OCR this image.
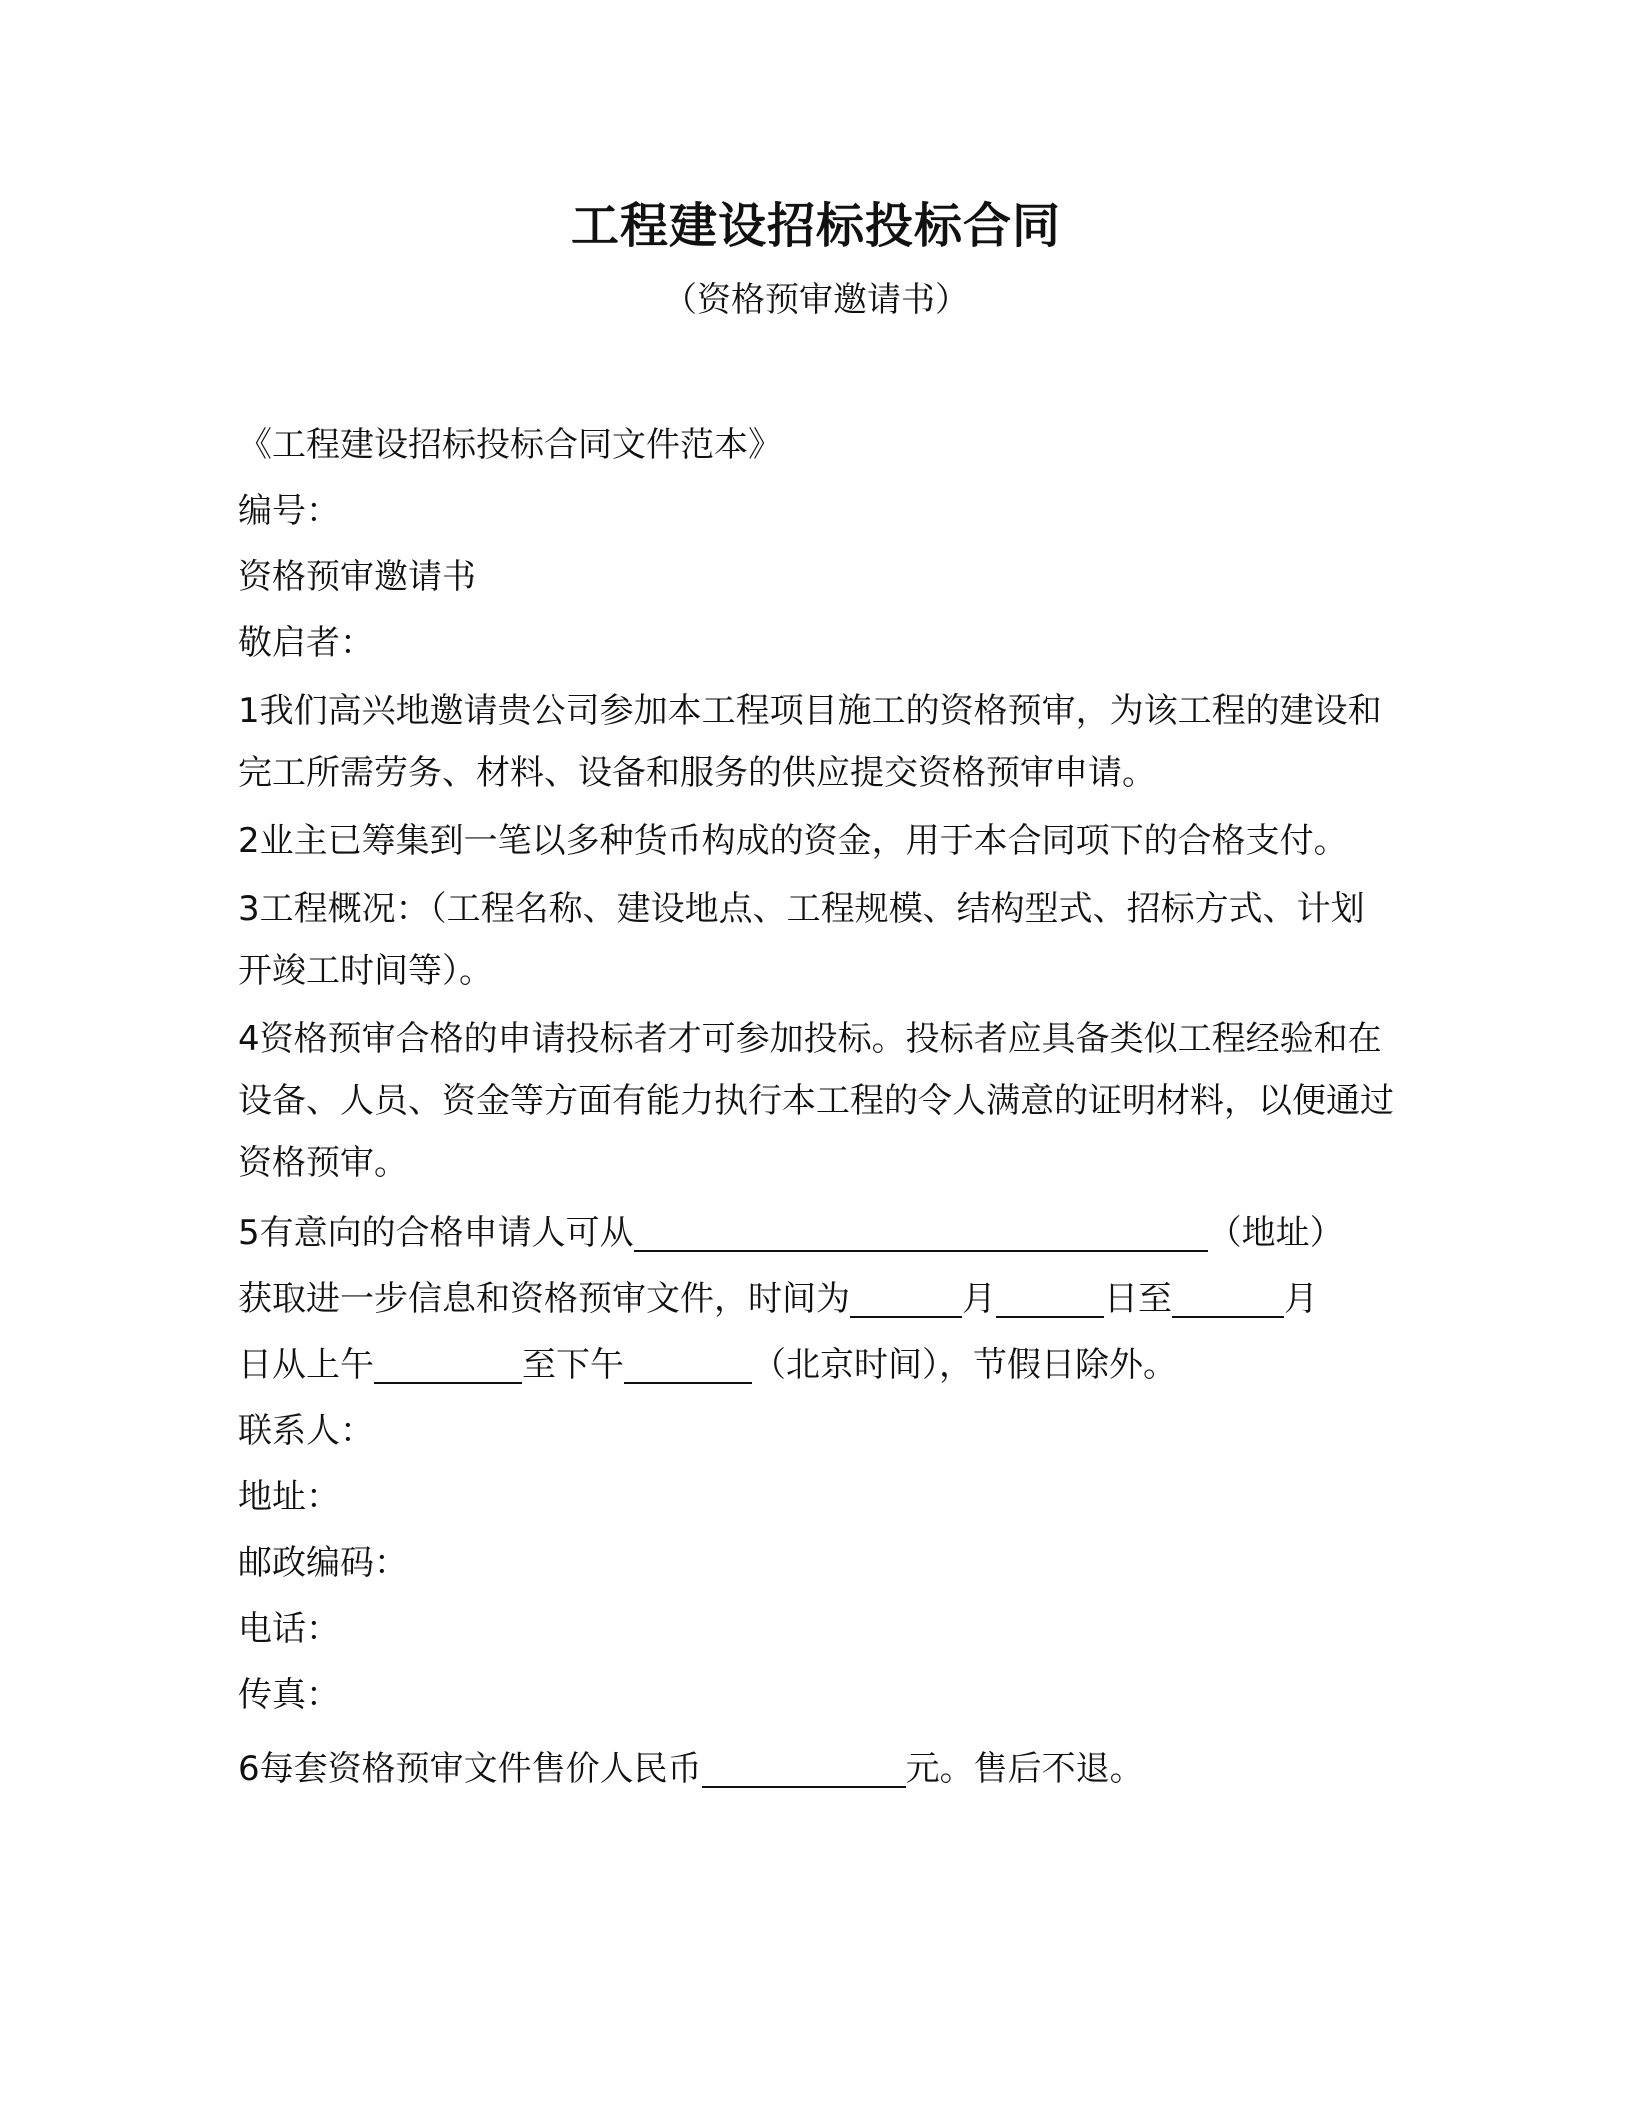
工程建设招标投标合同
（资格预审邀请书）
《工程建设招标投标合同文件范本》
编号：
资格预审邀请书
敬启者：
1我们高兴地邀请贵公司参加本工程项目施工的资格预审，为该工程的建设和完工所需劳务、材料、设备和服务的供应提交资格预审申请。
2业主已筹集到一笔以多种货币构成的资金，用于本合同项下的合格支付。
3工程概况：（工程名称、建设地点、工程规模、结构型式、招标方式、计划开竣工时间等）。
4资格预审合格的申请投标者才可参加投标。投标者应具备类似工程经验和在设备、人员、资金等方面有能力执行本工程的令人满意的证明材料，以便通过资格预审。
5有意向的合格申请人可从	（地址）
获取进一步信息和资格预审文件，时间为	月	日至	月
日从上午	至下午	（北京时间），节假日除外。
联系人：
地址：
邮政编码：
电话：
传真：
6每套资格预审文件售价人民币	元。售后不退。
